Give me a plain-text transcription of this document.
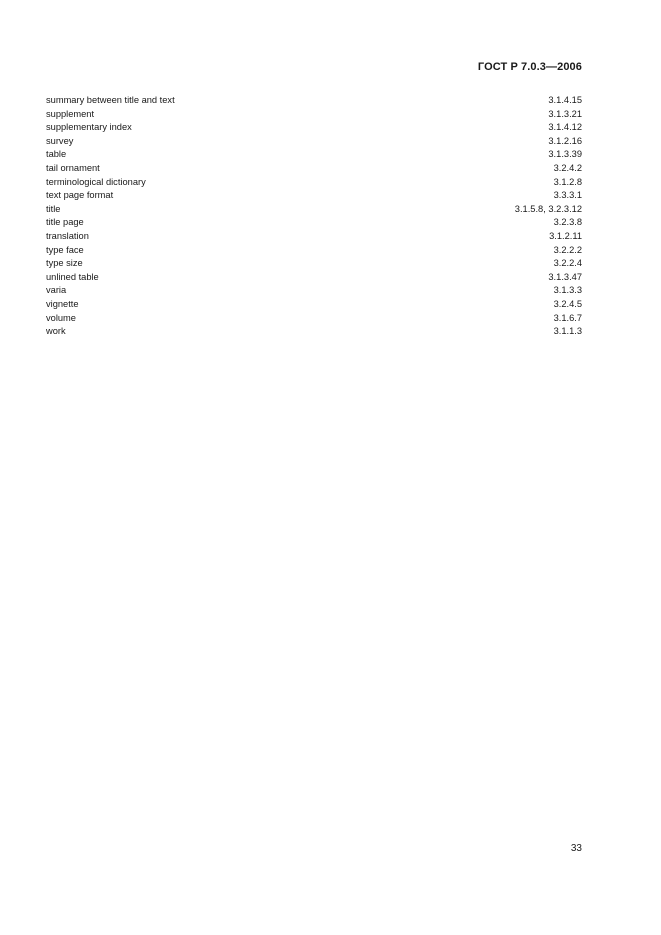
ГОСТ Р 7.0.3—2006
summary between title and text	3.1.4.15
supplement	3.1.3.21
supplementary index	3.1.4.12
survey	3.1.2.16
table	3.1.3.39
tail ornament	3.2.4.2
terminological dictionary	3.1.2.8
text page format	3.3.3.1
title	3.1.5.8, 3.2.3.12
title page	3.2.3.8
translation	3.1.2.11
type face	3.2.2.2
type size	3.2.2.4
unlined table	3.1.3.47
varia	3.1.3.3
vignette	3.2.4.5
volume	3.1.6.7
work	3.1.1.3
33
